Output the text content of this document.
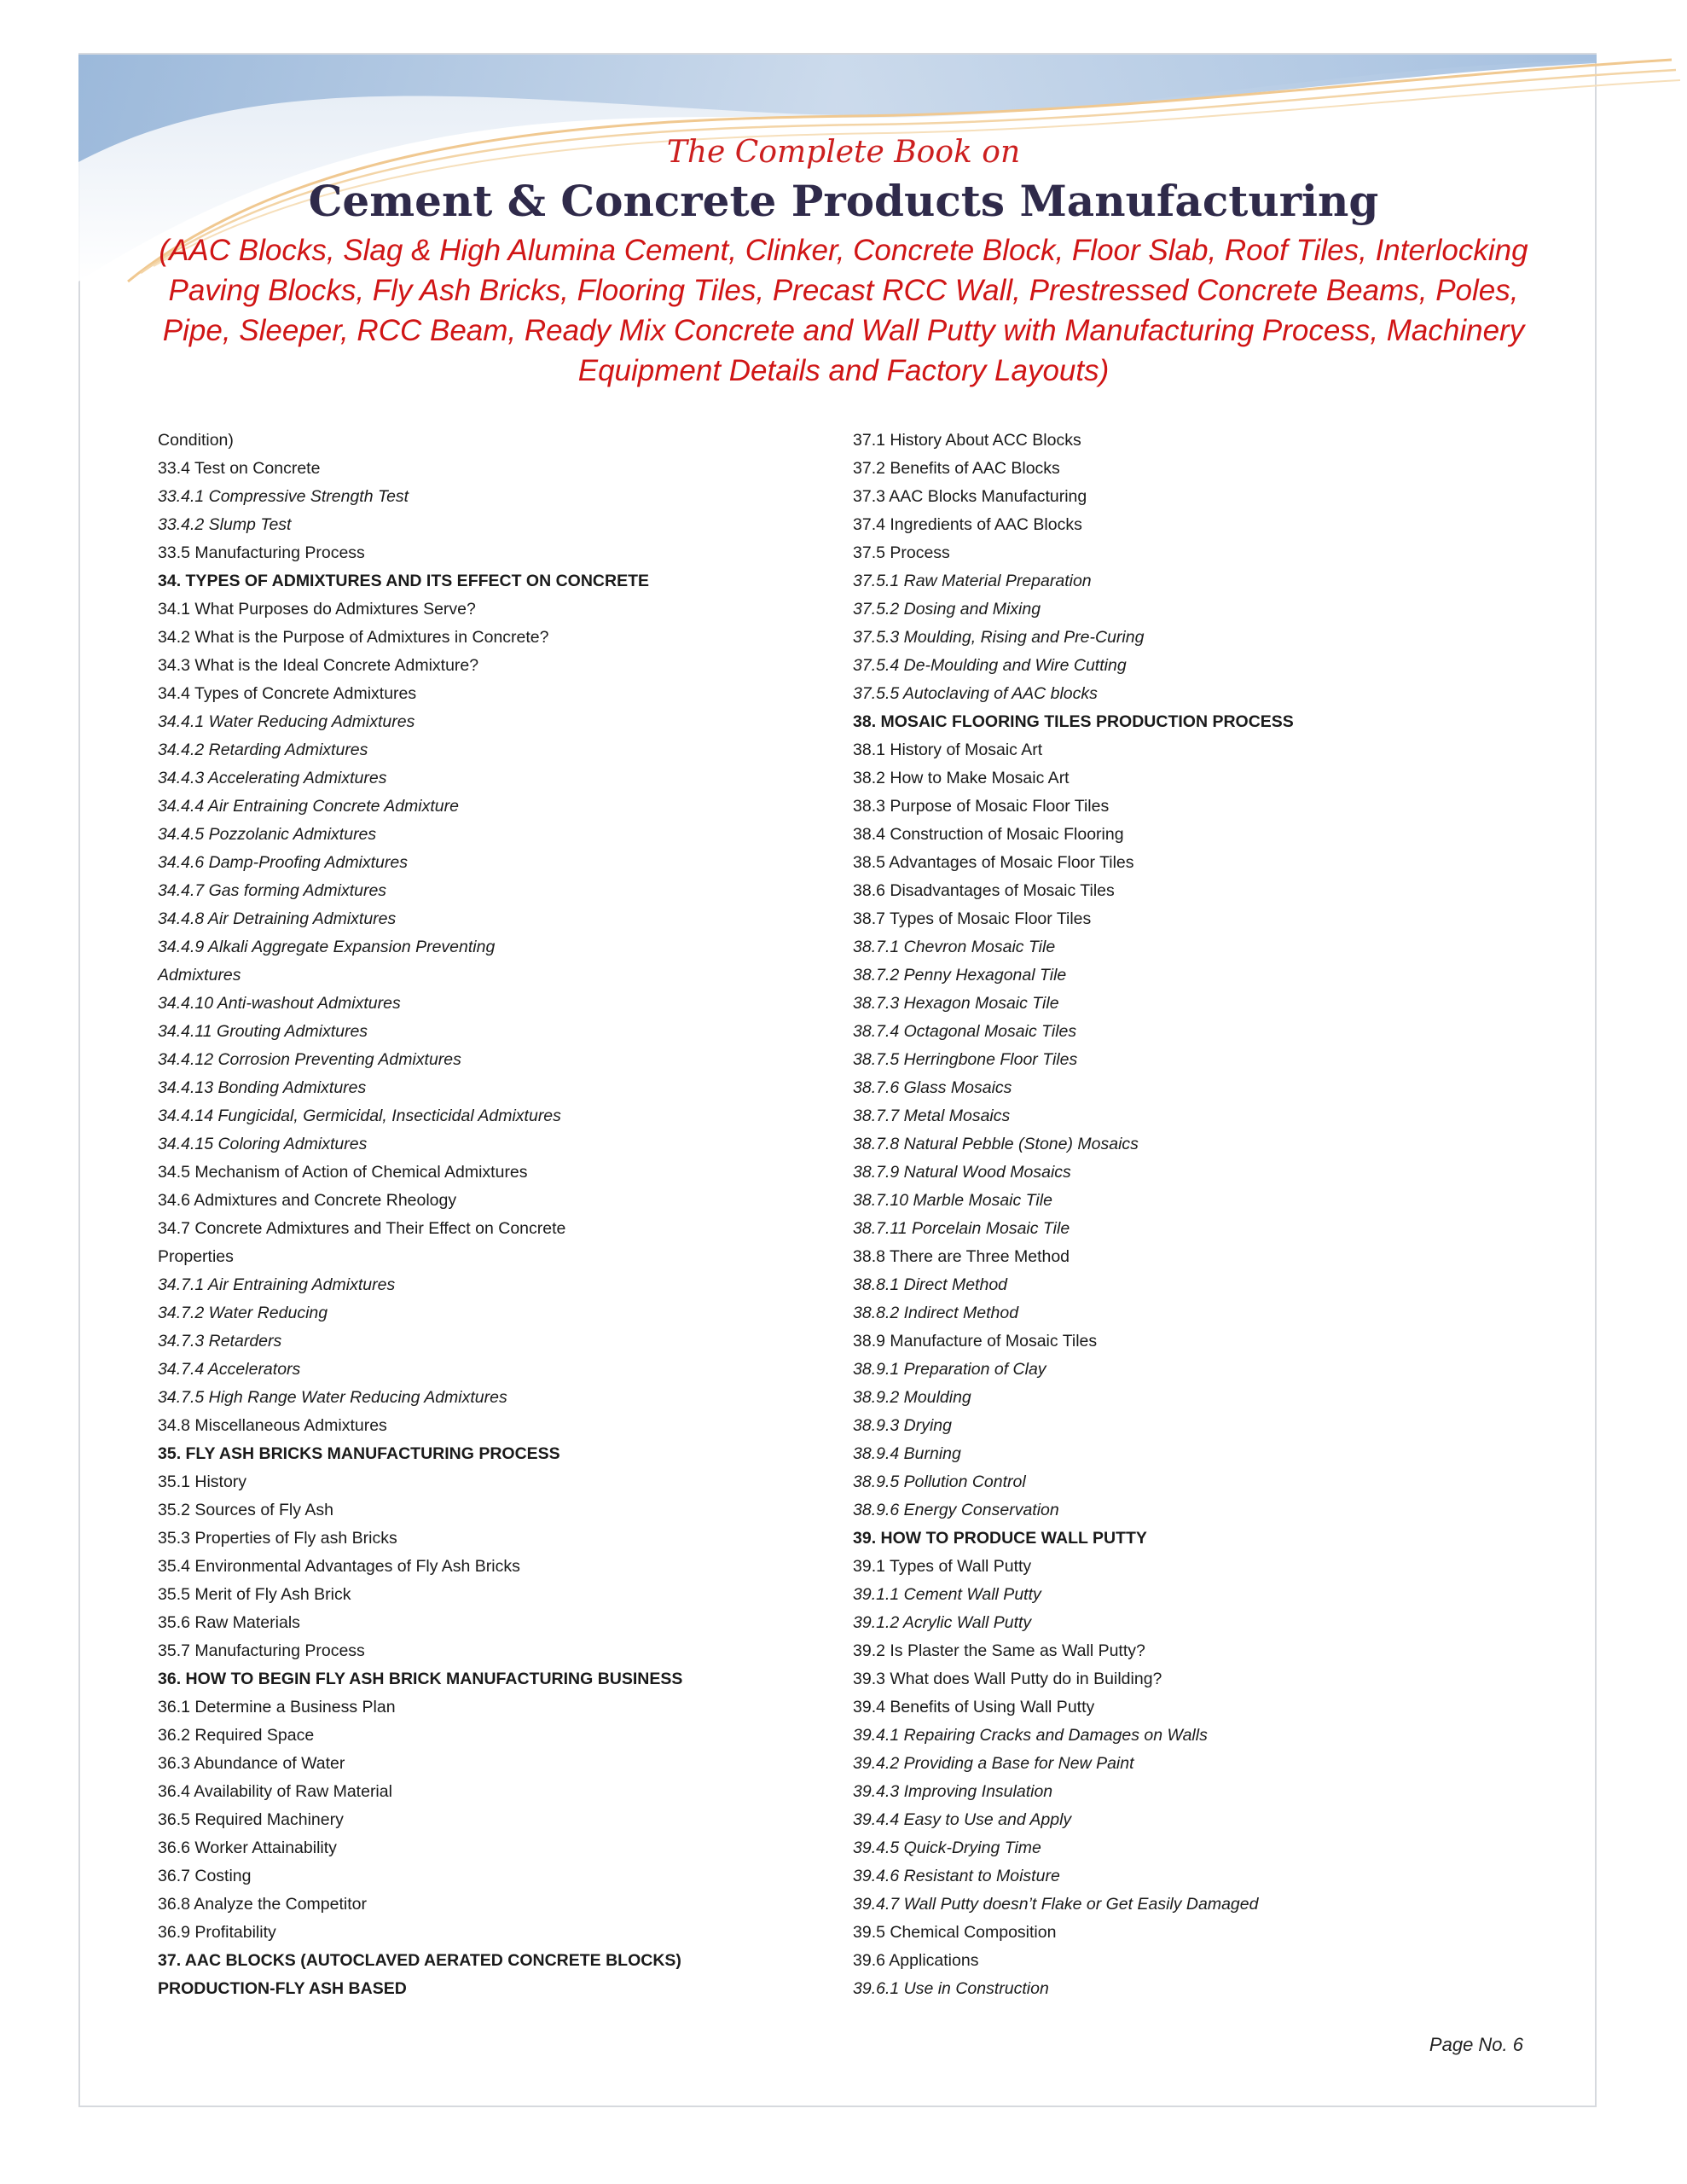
The Complete Book on
Cement & Concrete Products Manufacturing
(AAC Blocks, Slag & High Alumina Cement, Clinker, Concrete Block, Floor Slab, Roof Tiles, Interlocking Paving Blocks, Fly Ash Bricks, Flooring Tiles, Precast RCC Wall, Prestressed Concrete Beams, Poles, Pipe, Sleeper, RCC Beam, Ready Mix Concrete and Wall Putty with Manufacturing Process, Machinery Equipment Details and Factory Layouts)
Condition)
33.4 Test on Concrete
33.4.1 Compressive Strength Test
33.4.2 Slump Test
33.5 Manufacturing Process
34. TYPES OF ADMIXTURES AND ITS EFFECT ON CONCRETE
34.1 What Purposes do Admixtures Serve?
34.2 What is the Purpose of Admixtures in Concrete?
34.3 What is the Ideal Concrete Admixture?
34.4 Types of Concrete Admixtures
34.4.1 Water Reducing Admixtures
34.4.2 Retarding Admixtures
34.4.3 Accelerating Admixtures
34.4.4 Air Entraining Concrete Admixture
34.4.5 Pozzolanic Admixtures
34.4.6 Damp-Proofing Admixtures
34.4.7 Gas forming Admixtures
34.4.8 Air Detraining Admixtures
34.4.9 Alkali Aggregate Expansion Preventing
Admixtures
34.4.10 Anti-washout Admixtures
34.4.11 Grouting Admixtures
34.4.12 Corrosion Preventing Admixtures
34.4.13 Bonding Admixtures
34.4.14 Fungicidal, Germicidal, Insecticidal Admixtures
34.4.15 Coloring Admixtures
34.5 Mechanism of Action of Chemical Admixtures
34.6 Admixtures and Concrete Rheology
34.7 Concrete Admixtures and Their Effect on Concrete
Properties
34.7.1 Air Entraining Admixtures
34.7.2 Water Reducing
34.7.3 Retarders
34.7.4 Accelerators
34.7.5 High Range Water Reducing Admixtures
34.8 Miscellaneous Admixtures
35. FLY ASH BRICKS MANUFACTURING PROCESS
35.1 History
35.2 Sources of Fly Ash
35.3 Properties of Fly ash Bricks
35.4 Environmental Advantages of Fly Ash Bricks
35.5 Merit of Fly Ash Brick
35.6 Raw Materials
35.7 Manufacturing Process
36. HOW TO BEGIN FLY ASH BRICK MANUFACTURING BUSINESS
36.1 Determine a Business Plan
36.2 Required Space
36.3 Abundance of Water
36.4 Availability of Raw Material
36.5 Required Machinery
36.6 Worker Attainability
36.7 Costing
36.8 Analyze the Competitor
36.9 Profitability
37. AAC BLOCKS (AUTOCLAVED AERATED CONCRETE BLOCKS)
PRODUCTION-FLY ASH BASED
37.1 History About ACC Blocks
37.2 Benefits of AAC Blocks
37.3 AAC Blocks Manufacturing
37.4 Ingredients of AAC Blocks
37.5 Process
37.5.1 Raw Material Preparation
37.5.2 Dosing and Mixing
37.5.3 Moulding, Rising and Pre-Curing
37.5.4 De-Moulding and Wire Cutting
37.5.5 Autoclaving of AAC blocks
38. MOSAIC FLOORING TILES PRODUCTION PROCESS
38.1 History of Mosaic Art
38.2 How to Make Mosaic Art
38.3 Purpose of Mosaic Floor Tiles
38.4 Construction of Mosaic Flooring
38.5 Advantages of Mosaic Floor Tiles
38.6 Disadvantages of Mosaic Tiles
38.7 Types of Mosaic Floor Tiles
38.7.1 Chevron Mosaic Tile
38.7.2 Penny Hexagonal Tile
38.7.3 Hexagon Mosaic Tile
38.7.4 Octagonal Mosaic Tiles
38.7.5 Herringbone Floor Tiles
38.7.6 Glass Mosaics
38.7.7 Metal Mosaics
38.7.8 Natural Pebble (Stone) Mosaics
38.7.9 Natural Wood Mosaics
38.7.10 Marble Mosaic Tile
38.7.11 Porcelain Mosaic Tile
38.8 There are Three Method
38.8.1 Direct Method
38.8.2 Indirect Method
38.9 Manufacture of Mosaic Tiles
38.9.1 Preparation of Clay
38.9.2 Moulding
38.9.3 Drying
38.9.4 Burning
38.9.5 Pollution Control
38.9.6 Energy Conservation
39. HOW TO PRODUCE WALL PUTTY
39.1 Types of Wall Putty
39.1.1 Cement Wall Putty
39.1.2 Acrylic Wall Putty
39.2 Is Plaster the Same as Wall Putty?
39.3 What does Wall Putty do in Building?
39.4 Benefits of Using Wall Putty
39.4.1 Repairing Cracks and Damages on Walls
39.4.2 Providing a Base for New Paint
39.4.3 Improving Insulation
39.4.4 Easy to Use and Apply
39.4.5 Quick-Drying Time
39.4.6 Resistant to Moisture
39.4.7 Wall Putty doesn’t Flake or Get Easily Damaged
39.5 Chemical Composition
39.6 Applications
39.6.1 Use in Construction
Page No. 6
